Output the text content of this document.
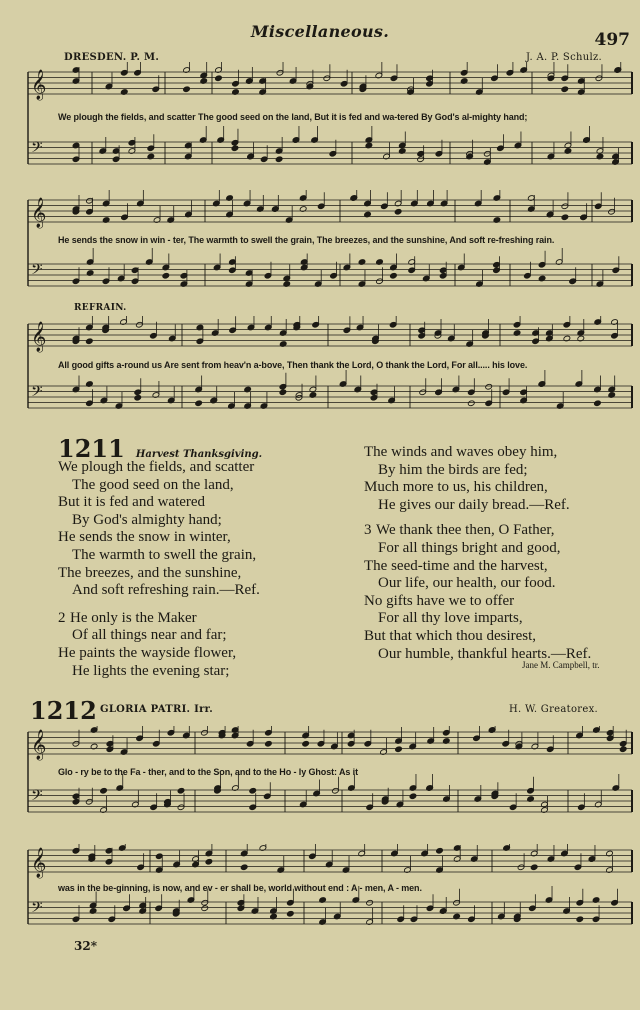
Miscellaneous.	497
DRESDEN. P. M.	J. A. P. Schulz.
𝄞
𝄢
We plough the fields, and scatter The good seed on the land, But it is fed and wa-tered By God's al-mighty hand;
𝄞
𝄢
He sends the snow in win - ter, The warmth to swell the grain, The breezes, and the sunshine, And soft re-freshing rain.
REFRAIN.
𝄞
𝄢
All good gifts a-round us Are sent from heav'n a-bove, Then thank the Lord, O thank the Lord, For all..... his love.
1211 Harvest Thanksgiving.
We plough the fields, and scatter
The good seed on the land,
But it is fed and watered
By God's almighty hand;
He sends the snow in winter,
The warmth to swell the grain,
The breezes, and the sunshine,
And soft refreshing rain.—Ref.
2 He only is the Maker
Of all things near and far;
He paints the wayside flower,
He lights the evening star;
The winds and waves obey him,
By him the birds are fed;
Much more to us, his children,
He gives our daily bread.—Ref.
3 We thank thee then, O Father,
For all things bright and good,
The seed-time and the harvest,
Our life, our health, our food.
No gifts have we to offer
For all thy love imparts,
But that which thou desirest,
Our humble, thankful hearts.—Ref.
Jane M. Campbell, tr.
1212 GLORIA PATRI. Irr.	H. W. Greatorex.
𝄞
𝄢
Glo - ry be to the Fa - ther, and to the Son, and to the Ho - ly Ghost: As it
𝄞
𝄢
was in the be-ginning, is now, and ev - er shall be, world without end : A - men, A - men.
32*
